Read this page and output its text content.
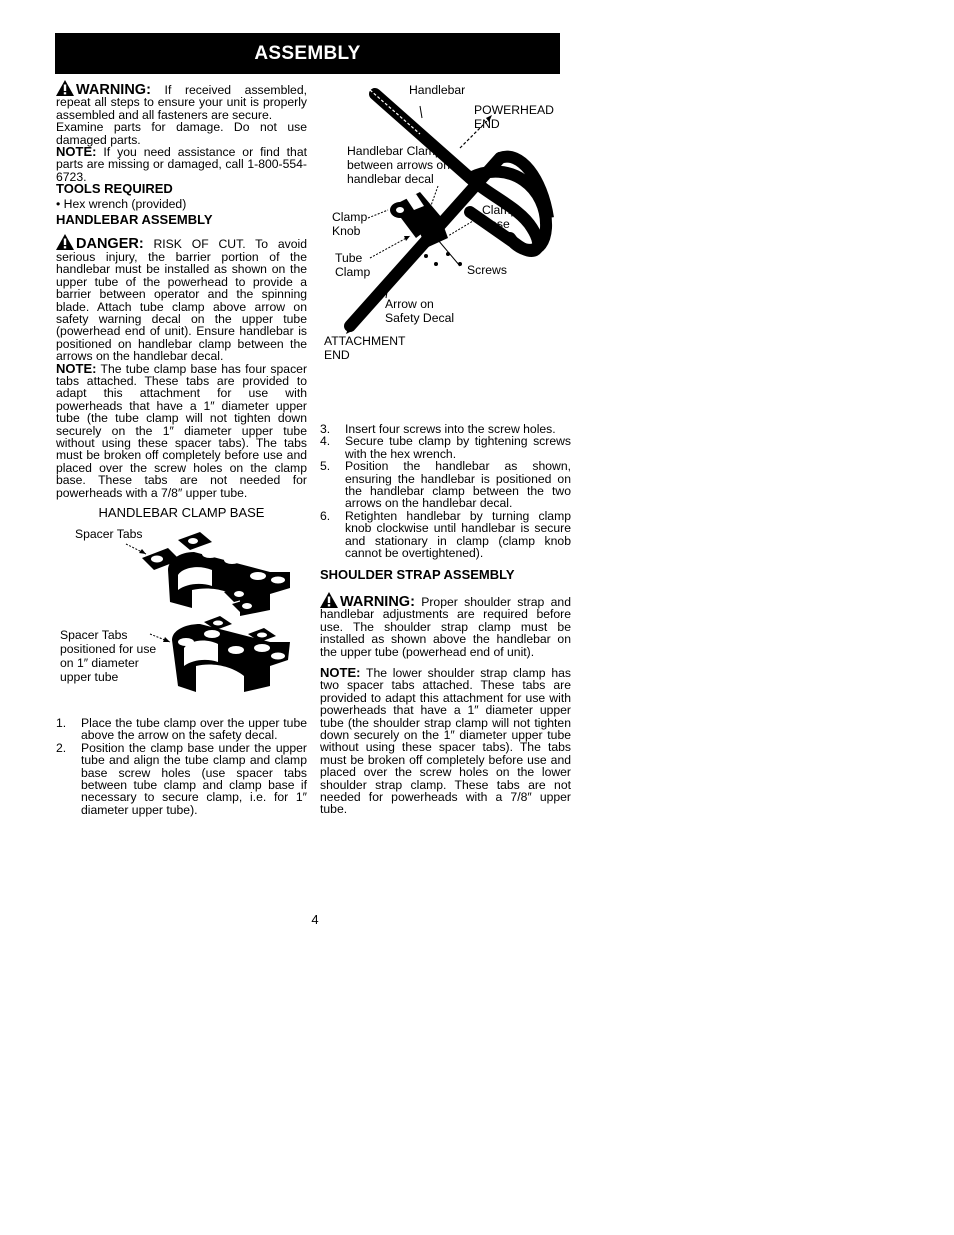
ASSEMBLY

WARNING: If received assembled, repeat all steps to ensure your unit is properly assembled and all fasteners are secure.

Examine parts for damage. Do not use damaged parts.

NOTE: If you need assistance or find that parts are missing or damaged, call 1-800-554-6723.

TOOLS REQUIRED

• Hex wrench (provided)

HANDLEBAR ASSEMBLY

DANGER: RISK OF CUT. To avoid serious injury, the barrier portion of the handlebar must be installed as shown on the upper tube of the powerhead to provide a barrier between operator and the spinning blade. Attach tube clamp above arrow on safety warning decal on the upper tube (powerhead end of unit). Ensure handlebar is positioned on handlebar clamp between the arrows on the handlebar decal.

NOTE: The tube clamp base has four spacer tabs attached. These tabs are provided to adapt this attachment for use with powerheads that have a 1″ diameter upper tube (the tube clamp will not tighten down securely on the 1″ diameter upper tube without using these spacer tabs). The tabs must be broken off completely before use and placed over the screw holes on the clamp base. These tabs are not needed for powerheads with a 7/8″ upper tube.

HANDLEBAR CLAMP BASE
Spacer Tabs
Spacer Tabs
positioned for use
on 1″ diameter
upper tube
1.	Place the tube clamp over the upper tube above the arrow on the safety decal.
2.	Position the clamp base under the upper tube and align the tube clamp and clamp base screw holes (use spacer tabs between tube clamp and clamp base if necessary to secure clamp, i.e. for 1″ diameter upper tube).
Handlebar
POWERHEAD
END
Handlebar Clamp
between arrows on
handlebar decal
Clamp
Knob
Clamp
Base
Tube
Clamp	Screws
Arrow on
Safety Decal
ATTACHMENT
END
3.	Insert four screws into the screw holes.
4.	Secure tube clamp by tightening screws with the hex wrench.
5.	Position the handlebar as shown, ensuring the handlebar is positioned on the handlebar clamp between the two arrows on the handlebar decal.
6.	Retighten handlebar by turning clamp knob clockwise until handlebar is secure and stationary in clamp (clamp knob cannot be overtightened).

SHOULDER STRAP ASSEMBLY

WARNING: Proper shoulder strap and handlebar adjustments are required before use. The shoulder strap clamp must be installed as shown above the handlebar on the upper tube (powerhead end of unit).

NOTE: The lower shoulder strap clamp has two spacer tabs attached. These tabs are provided to adapt this attachment for use with powerheads that have a 1″ diameter upper tube (the shoulder strap clamp will not tighten down securely on the 1″ diameter upper tube without using these spacer tabs). The tabs must be broken off completely before use and placed over the screw holes on the lower shoulder strap clamp. These tabs are not needed for powerheads with a 7/8″ upper tube.

4
